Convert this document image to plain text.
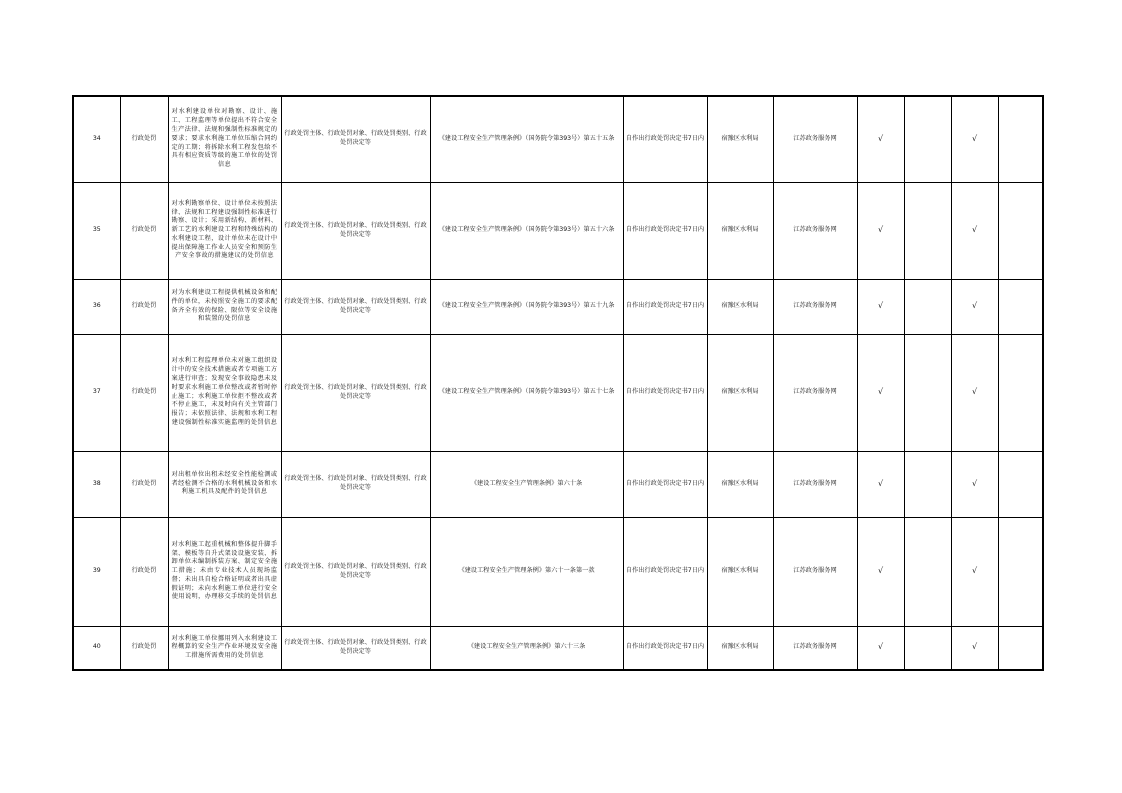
34	行政处罚	对水利建设单位对勘察、设计、施工、工程监理等单位提出不符合安全生产法律、法规和强制性标准规定的要求；要求水利施工单位压缩合同约定的工期；将拆除水利工程发包给不具有相应资质等级的施工单位的处罚信息	行政处罚主体、行政处罚对象、行政处罚类别、行政处罚决定等	《建设工程安全生产管理条例》（国务院令第393号）第五十五条	自作出行政处罚决定书7日内	宿豫区水利局	江苏政务服务网	√		√	
35	行政处罚	对水利勘察单位、设计单位未按照法律、法规和工程建设强制性标准进行勘察、设计；采用新结构、新材料、新工艺的水利建设工程和特殊结构的水利建设工程，设计单位未在设计中提出保障施工作业人员安全和预防生产安全事故的措施建议的处罚信息	行政处罚主体、行政处罚对象、行政处罚类别、行政处罚决定等	《建设工程安全生产管理条例》（国务院令第393号）第五十六条	自作出行政处罚决定书7日内	宿豫区水利局	江苏政务服务网	√		√	
36	行政处罚	对为水利建设工程提供机械设备和配件的单位，未按照安全施工的要求配备齐全有效的保险、限位等安全设施和装置的处罚信息	行政处罚主体、行政处罚对象、行政处罚类别、行政处罚决定等	《建设工程安全生产管理条例》（国务院令第393号）第五十九条	自作出行政处罚决定书7日内	宿豫区水利局	江苏政务服务网	√		√	
37	行政处罚	对水利工程监理单位未对施工组织设计中的安全技术措施或者专项施工方案进行审查；发现安全事故隐患未及时要求水利施工单位整改或者暂时停止施工；水利施工单位拒不整改或者不停止施工，未及时向有关主管部门报告；未依照法律、法规和水利工程建设强制性标准实施监理的处罚信息	行政处罚主体、行政处罚对象、行政处罚类别、行政处罚决定等	《建设工程安全生产管理条例》（国务院令第393号）第五十七条	自作出行政处罚决定书7日内	宿豫区水利局	江苏政务服务网	√		√	
38	行政处罚	对出租单位出租未经安全性能检测或者经检测不合格的水利机械设备和水利施工机具及配件的处罚信息	行政处罚主体、行政处罚对象、行政处罚类别、行政处罚决定等	《建设工程安全生产管理条例》第六十条	自作出行政处罚决定书7日内	宿豫区水利局	江苏政务服务网	√		√	
39	行政处罚	对水利施工起重机械和整体提升脚手架、模板等自升式架设设施安装、拆卸单位未编制拆装方案、制定安全施工措施；未由专业技术人员现场监督；未出具自检合格证明或者出具虚假证明；未向水利施工单位进行安全使用说明，办理移交手续的处罚信息	行政处罚主体、行政处罚对象、行政处罚类别、行政处罚决定等	《建设工程安全生产管理条例》第六十一条第一款	自作出行政处罚决定书7日内	宿豫区水利局	江苏政务服务网	√		√	
40	行政处罚	对水利施工单位挪用列入水利建设工程概算的安全生产作业环境及安全施工措施所需费用的处罚信息	行政处罚主体、行政处罚对象、行政处罚类别、行政处罚决定等	《建设工程安全生产管理条例》第六十三条	自作出行政处罚决定书7日内	宿豫区水利局	江苏政务服务网	√		√	
